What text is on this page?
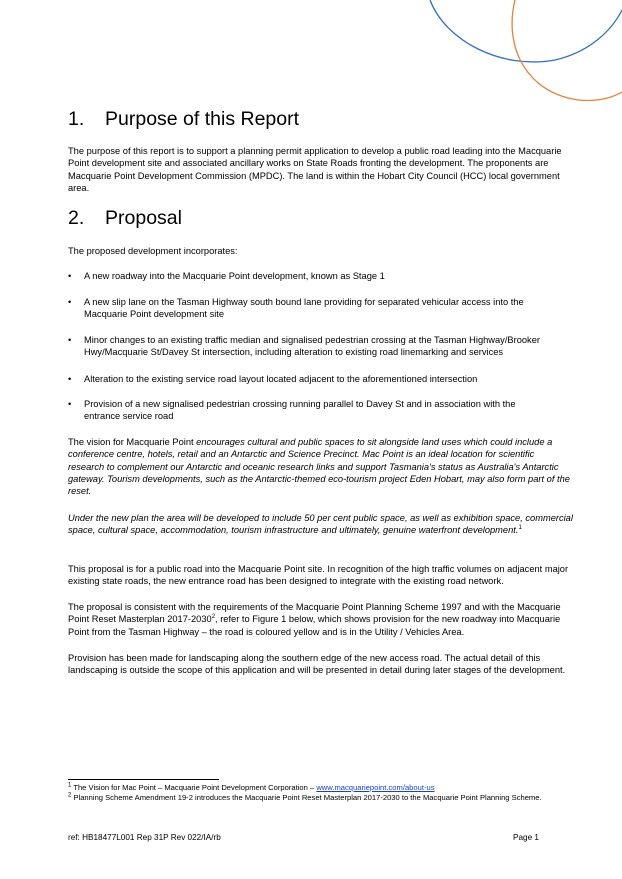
1. Purpose of this Report

The purpose of this report is to support a planning permit application to develop a public road leading into the Macquarie Point development site and associated ancillary works on State Roads fronting the development. The proponents are Macquarie Point Development Commission (MPDC). The land is within the Hobart City Council (HCC) local government area.

2. Proposal

The proposed development incorporates:

• A new roadway into the Macquarie Point development, known as Stage 1
• A new slip lane on the Tasman Highway south bound lane providing for separated vehicular access into the Macquarie Point development site
• Minor changes to an existing traffic median and signalised pedestrian crossing at the Tasman Highway/Brooker Hwy/Macquarie St/Davey St intersection, including alteration to existing road linemarking and services
• Alteration to the existing service road layout located adjacent to the aforementioned intersection
• Provision of a new signalised pedestrian crossing running parallel to Davey St and in association with the entrance service road

The vision for Macquarie Point encourages cultural and public spaces to sit alongside land uses which could include a conference centre, hotels, retail and an Antarctic and Science Precinct. Mac Point is an ideal location for scientific research to complement our Antarctic and oceanic research links and support Tasmania's status as Australia's Antarctic gateway. Tourism developments, such as the Antarctic-themed eco-tourism project Eden Hobart, may also form part of the reset.

Under the new plan the area will be developed to include 50 per cent public space, as well as exhibition space, commercial space, cultural space, accommodation, tourism infrastructure and ultimately, genuine waterfront development.$^1$

This proposal is for a public road into the Macquarie Point site. In recognition of the high traffic volumes on adjacent major existing state roads, the new entrance road has been designed to integrate with the existing road network.

The proposal is consistent with the requirements of the Macquarie Point Planning Scheme 1997 and with the Macquarie Point Reset Masterplan 2017-2030$^2$, refer to Figure 1 below, which shows provision for the new roadway into Macquarie Point from the Tasman Highway – the road is coloured yellow and is in the Utility / Vehicles Area.

Provision has been made for landscaping along the southern edge of the new access road. The actual detail of this landscaping is outside the scope of this application and will be presented in detail during later stages of the development.

$^1$ The Vision for Mac Point – Macquarie Point Development Corporation – www.macquariepoint.com/about-us
$^2$ Planning Scheme Amendment 19-2 introduces the Macquarie Point Reset Masterplan 2017-2030 to the Macquarie Point Planning Scheme.
ref: HB18477L001 Rep 31P Rev 022/IA/rb	Page 1
